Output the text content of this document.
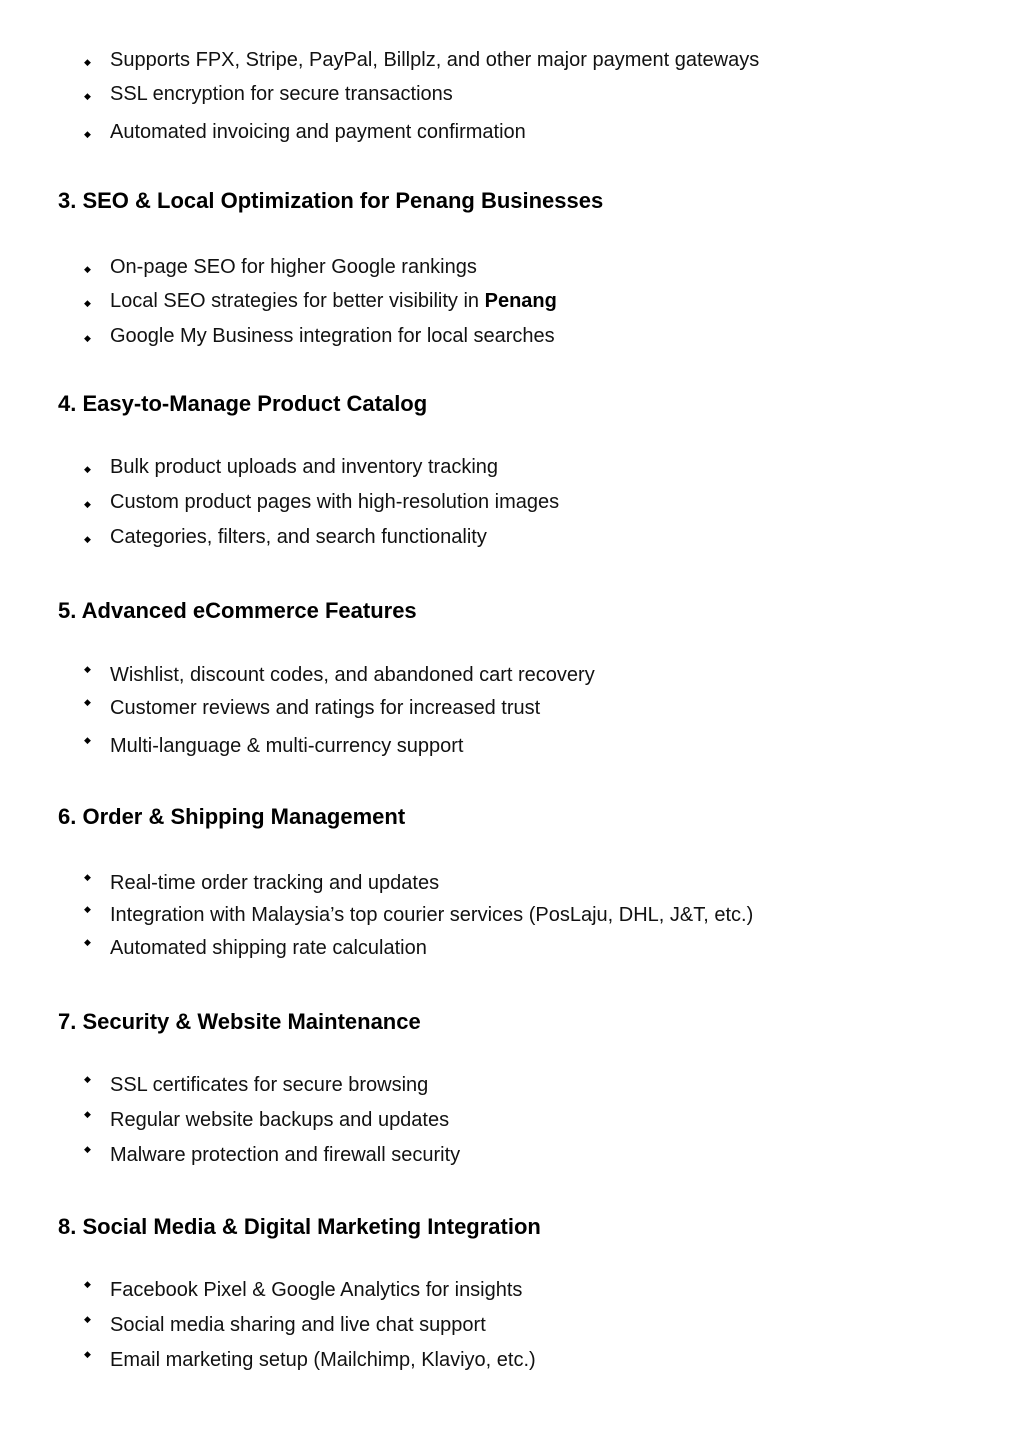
◆ Supports FPX, Stripe, PayPal, Billplz, and other major payment gateways
◆ SSL encryption for secure transactions
◆ Automated invoicing and payment confirmation
3. SEO & Local Optimization for Penang Businesses
◆ On-page SEO for higher Google rankings
◆ Local SEO strategies for better visibility in Penang
◆ Google My Business integration for local searches
4. Easy-to-Manage Product Catalog
◆ Bulk product uploads and inventory tracking
◆ Custom product pages with high-resolution images
◆ Categories, filters, and search functionality
5. Advanced eCommerce Features
◆ Wishlist, discount codes, and abandoned cart recovery
◆ Customer reviews and ratings for increased trust
◆ Multi-language & multi-currency support
6. Order & Shipping Management
◆ Real-time order tracking and updates
◆ Integration with Malaysia’s top courier services (PosLaju, DHL, J&T, etc.)
◆ Automated shipping rate calculation
7. Security & Website Maintenance
◆ SSL certificates for secure browsing
◆ Regular website backups and updates
◆ Malware protection and firewall security
8. Social Media & Digital Marketing Integration
◆ Facebook Pixel & Google Analytics for insights
◆ Social media sharing and live chat support
◆ Email marketing setup (Mailchimp, Klaviyo, etc.)
